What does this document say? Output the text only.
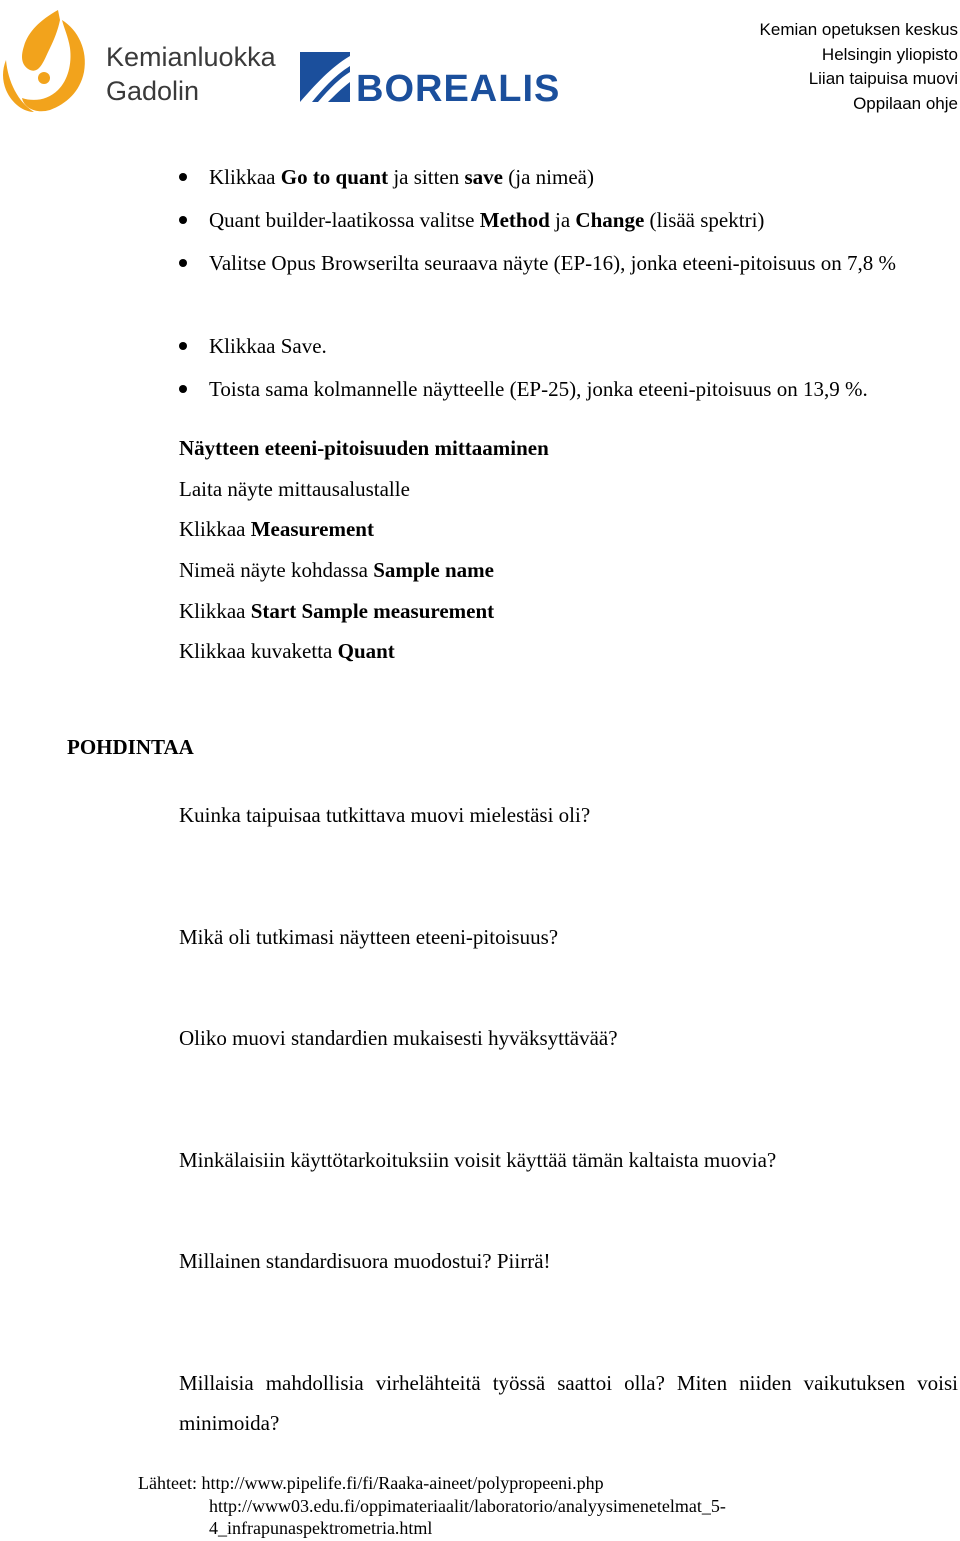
Kemianluokka
Gadolin	BOREALIS
Kemian opetuksen keskus
Helsingin yliopisto
Liian taipuisa muovi
Oppilaan ohje
Klikkaa Go to quant ja sitten save (ja nimeä)
Quant builder-laatikossa valitse Method ja Change (lisää spektri)
Valitse Opus Browserilta seuraava näyte (EP-16), jonka eteeni-pitoisuus on 7,8 %
Klikkaa Save.
Toista sama kolmannelle näytteelle (EP-25), jonka eteeni-pitoisuus on 13,9 %.
Näytteen eteeni-pitoisuuden mittaaminen
Laita näyte mittausalustalle
Klikkaa Measurement
Nimeä näyte kohdassa Sample name
Klikkaa Start Sample measurement
Klikkaa kuvaketta Quant
POHDINTAA
Kuinka taipuisaa tutkittava muovi mielestäsi oli?
Mikä oli tutkimasi näytteen eteeni-pitoisuus?
Oliko muovi standardien mukaisesti hyväksyttävää?
Minkälaisiin käyttötarkoituksiin voisit käyttää tämän kaltaista muovia?
Millainen standardisuora muodostui? Piirrä!
Millaisia mahdollisia virhelähteitä työssä saattoi olla? Miten niiden vaikutuksen voisi minimoida?
Lähteet: http://www.pipelife.fi/fi/Raaka-aineet/polypropeeni.php
http://www03.edu.fi/oppimateriaalit/laboratorio/analyysimenetelmat_5-
4_infrapunaspektrometria.html
